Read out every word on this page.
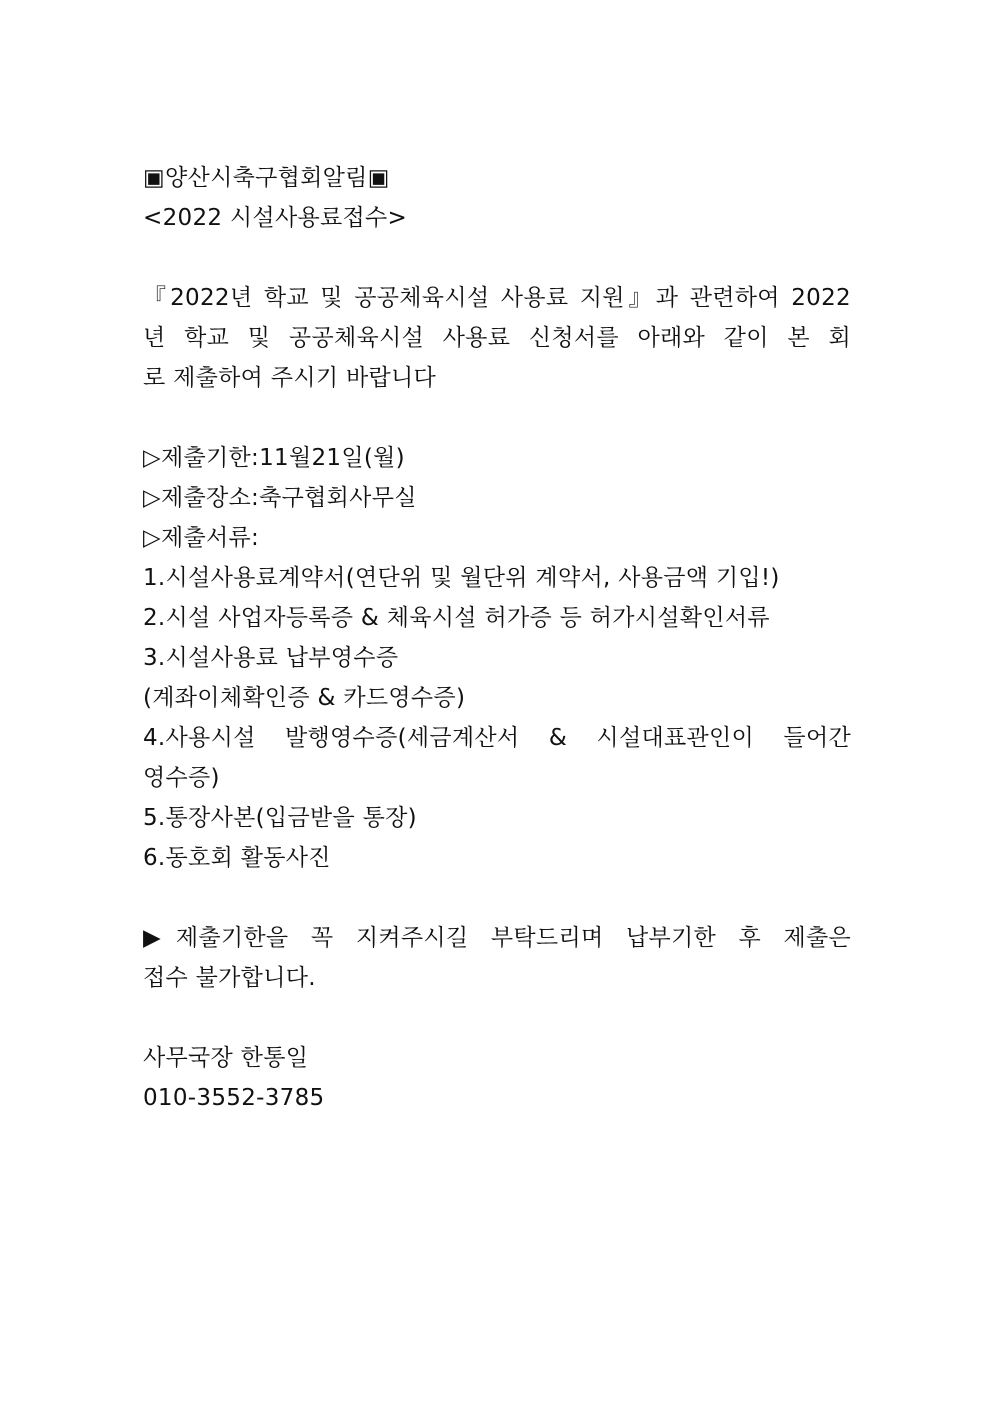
▣양산시축구협회알림▣
<2022 시설사용료접수>
『2022년 학교 및 공공체육시설 사용료 지원』과 관련하여 2022
년 학교 및 공공체육시설 사용료 신청서를 아래와 같이 본 회
로 제출하여 주시기 바랍니다
▷제출기한:11월21일(월)
▷제출장소:축구협회사무실
▷제출서류:
1.시설사용료계약서(연단위 및 월단위 계약서, 사용금액 기입!)
2.시설 사업자등록증 & 체육시설 허가증 등 허가시설확인서류
3.시설사용료 납부영수증
(계좌이체확인증 & 카드영수증)
4.사용시설 발행영수증(세금계산서 & 시설대표관인이 들어간
영수증)
5.통장사본(입금받을 통장)
6.동호회 활동사진
▶제출기한을 꼭 지켜주시길 부탁드리며 납부기한 후 제출은
접수 불가합니다.
사무국장 한통일
010-3552-3785
